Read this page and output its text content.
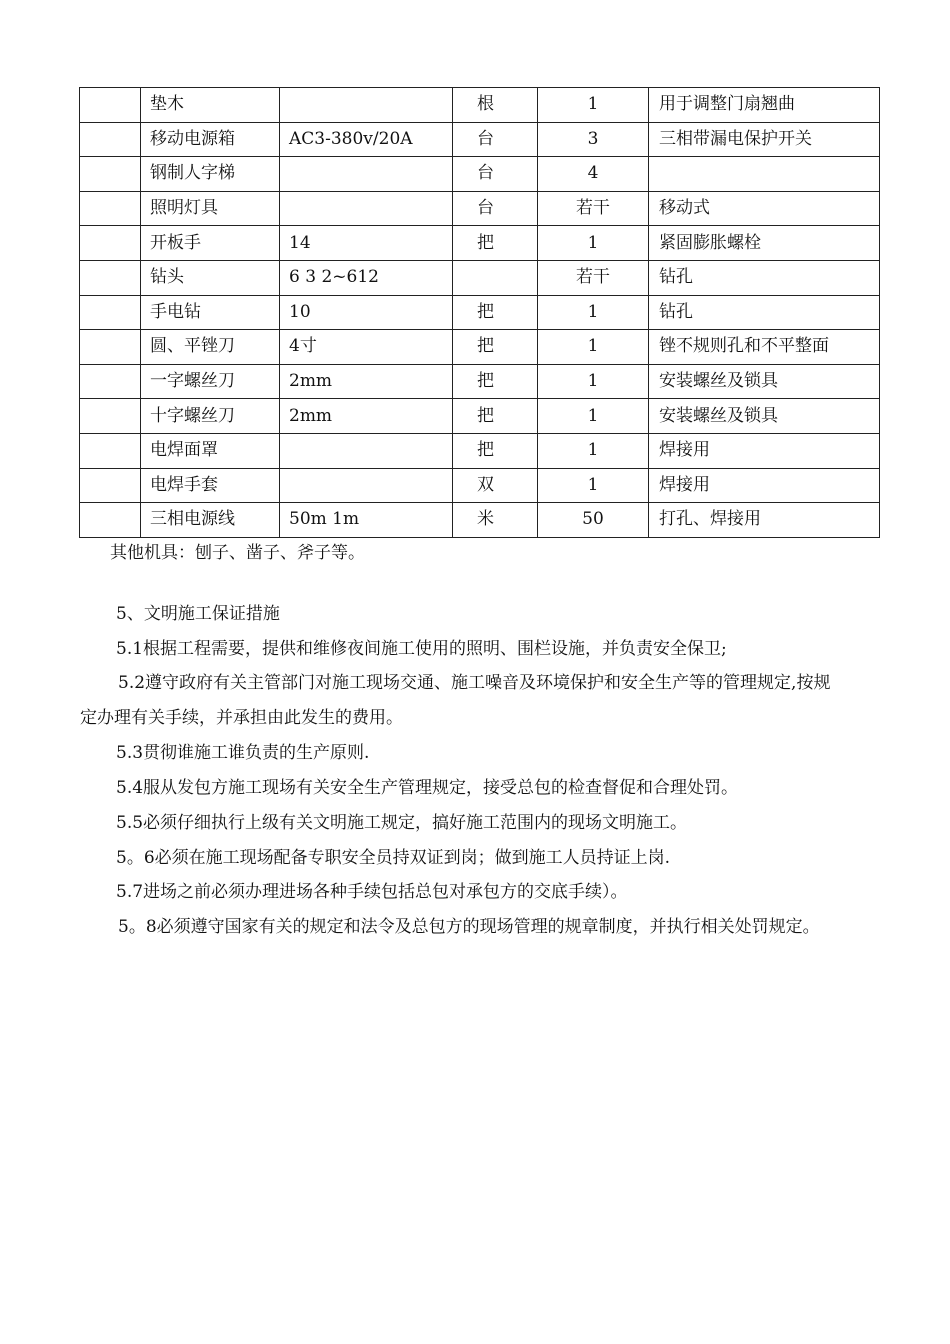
	垫木		根	1	用于调整门扇翘曲
	移动电源箱	AC3-380v/20A	台	3	三相带漏电保护开关
	钢制人字梯		台	4	
	照明灯具		台	若干	移动式
	开板手	14	把	1	紧固膨胀螺栓
	钻头	6 3 2~612		若干	钻孔
	手电钻	10	把	1	钻孔
	圆、平锉刀	4寸	把	1	锉不规则孔和不平整面
	一字螺丝刀	2mm	把	1	安装螺丝及锁具
	十字螺丝刀	2mm	把	1	安装螺丝及锁具
	电焊面罩		把	1	焊接用
	电焊手套		双	1	焊接用
	三相电源线	50m 1m	米	50	打孔、焊接用
其他机具：刨子、凿子、斧子等。
5、文明施工保证措施
5.1根据工程需要，提供和维修夜间施工使用的照明、围栏设施，并负责安全保卫;
5.2遵守政府有关主管部门对施工现场交通、施工噪音及环境保护和安全生产等的管理规定,按规
定办理有关手续，并承担由此发生的费用。
5.3贯彻谁施工谁负责的生产原则.
5.4服从发包方施工现场有关安全生产管理规定，接受总包的检查督促和合理处罚。
5.5必须仔细执行上级有关文明施工规定，搞好施工范围内的现场文明施工。
5。6必须在施工现场配备专职安全员持双证到岗；做到施工人员持证上岗.
5.7进场之前必须办理进场各种手续包括总包对承包方的交底手续）。
5。8必须遵守国家有关的规定和法令及总包方的现场管理的规章制度，并执行相关处罚规定。
